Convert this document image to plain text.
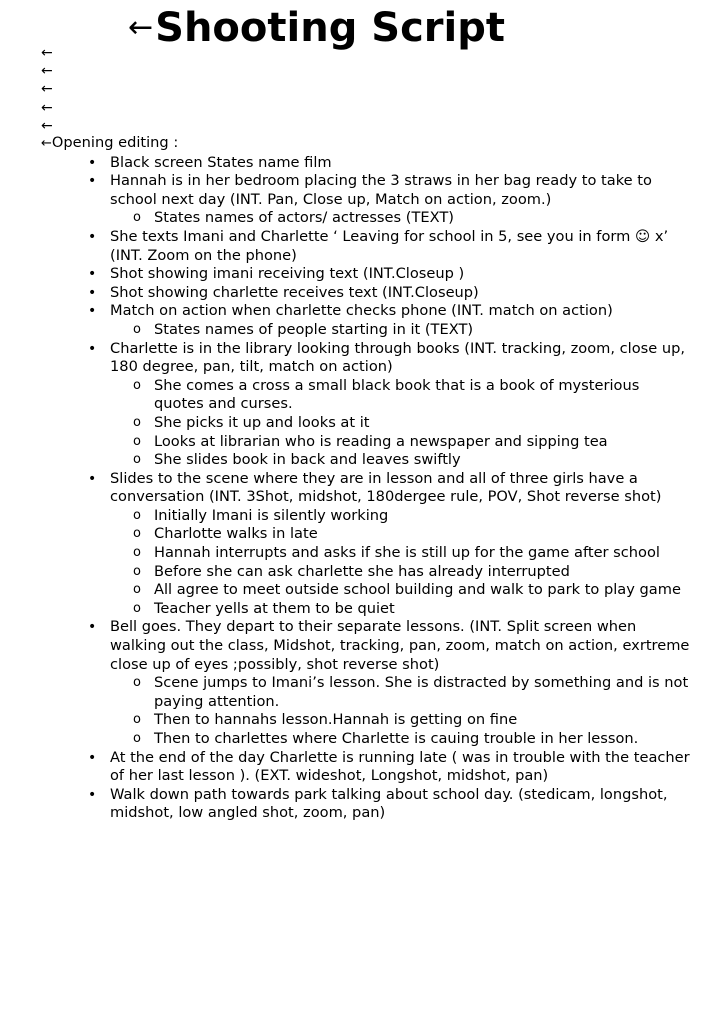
←Shooting Script
←
←
←
←
←
←Opening editing :
• Black screen States name film
• Hannah is in her bedroom placing the 3 straws in her bag ready to take to school next day (INT. Pan, Close up, Match on action, zoom.)
o States names of actors/ actresses (TEXT)
• She texts Imani and Charlette ‘ Leaving for school in 5, see you in form ☺ x’ (INT. Zoom on the phone)
• Shot showing imani receiving text (INT.Closeup )
• Shot showing charlette receives text (INT.Closeup)
• Match on action when charlette checks phone (INT. match on action)
o States names of people starting in it (TEXT)
• Charlette is in the library looking through books (INT. tracking, zoom, close up, 180 degree, pan, tilt, match on action)
o She comes a cross a small black book that is a book of mysterious quotes and curses.
o She picks it up and looks at it
o Looks at librarian who is reading a newspaper and sipping tea
o She slides book in back and leaves swiftly
• Slides to the scene where they are in lesson and all of three girls have a conversation (INT. 3Shot, midshot, 180dergee rule, POV, Shot reverse shot)
o Initially Imani is silently working
o Charlotte walks in late
o Hannah interrupts and asks if she is still up for the game after school
o Before she can ask charlette she has already interrupted
o All agree to meet outside school building and walk to park to play game
o Teacher yells at them to be quiet
• Bell goes. They depart to their separate lessons. (INT. Split screen when walking out the class, Midshot, tracking, pan, zoom, match on action, exrtreme close up of eyes ;possibly, shot reverse shot)
o Scene jumps to Imani’s lesson. She is distracted by something and is not paying attention.
o Then to hannahs lesson.Hannah is getting on fine
o Then to charlettes where Charlette is cauing trouble in her lesson.
• At the end of the day Charlette is running late ( was in trouble with the teacher of her last lesson ). (EXT. wideshot, Longshot, midshot, pan)
• Walk down path towards park talking about school day. (stedicam, longshot, midshot, low angled shot, zoom, pan)
